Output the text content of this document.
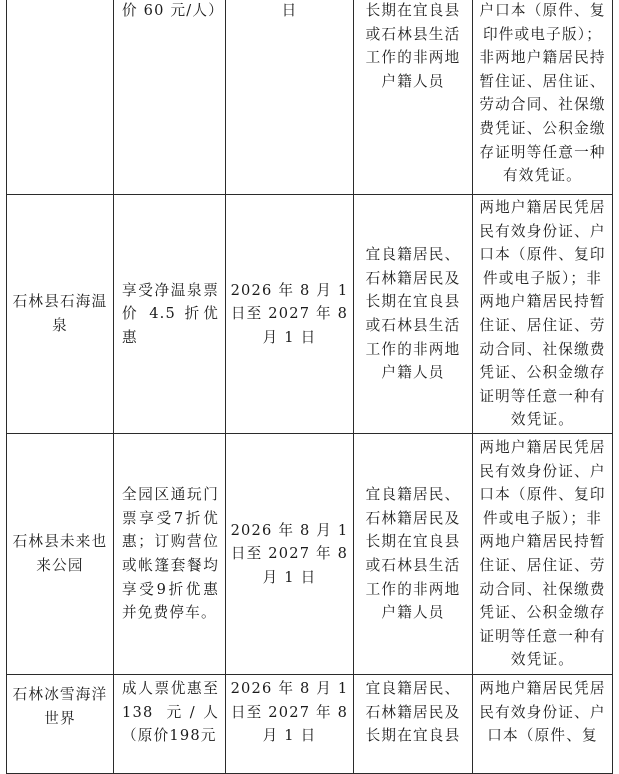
	价 60 元/人）	日	长期在宜良县或石林县生活工作的非两地户籍人员	户口本（原件、复印件或电子版）；非两地户籍居民持暂住证、居住证、劳动合同、社保缴费凭证、公积金缴存证明等任意一种有效凭证。
石林县石海温泉	享受净温泉票价 4.5 折优惠	2026 年 8 月 1 日至 2027 年 8 月 1 日	宜良籍居民、石林籍居民及长期在宜良县或石林县生活工作的非两地户籍人员	两地户籍居民凭居民有效身份证、户口本（原件、复印件或电子版）；非两地户籍居民持暂住证、居住证、劳动合同、社保缴费凭证、公积金缴存证明等任意一种有效凭证。
石林县未来也来公园	全园区通玩门票享受7折优惠；订购营位或帐篷套餐均享受9折优惠并免费停车。	2026 年 8 月 1 日至 2027 年 8 月 1 日	宜良籍居民、石林籍居民及长期在宜良县或石林县生活工作的非两地户籍人员	两地户籍居民凭居民有效身份证、户口本（原件、复印件或电子版）；非两地户籍居民持暂住证、居住证、劳动合同、社保缴费凭证、公积金缴存证明等任意一种有效凭证。
石林冰雪海洋世界	成人票优惠至 138 元/人（原价198元	2026 年 8 月 1 日至 2027 年 8 月 1 日	宜良籍居民、石林籍居民及长期在宜良县	两地户籍居民凭居民有效身份证、户口本（原件、复
